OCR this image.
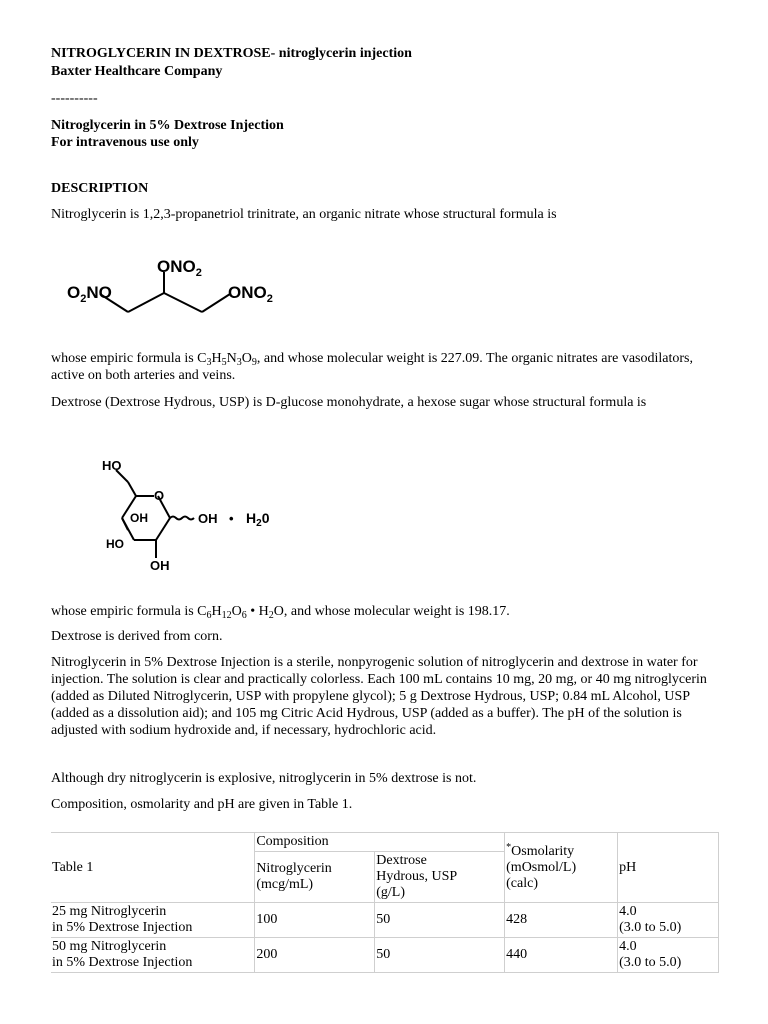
NITROGLYCERIN IN DEXTROSE- nitroglycerin injection
Baxter Healthcare Company
----------
Nitroglycerin in 5% Dextrose Injection
For intravenous use only
DESCRIPTION

Nitroglycerin is 1,2,3-propanetriol trinitrate, an organic nitrate whose structural formula is

$ONO_2$
$O_2NO$	$ONO_2$

whose empiric formula is $C_3H_5N_3O_9$, and whose molecular weight is 227.09. The organic nitrates are vasodilators, active on both arteries and veins.

Dextrose (Dextrose Hydrous, USP) is D-glucose monohydrate, a hexose sugar whose structural formula is

HO
O
OH	OH • $H_20$
HO
OH

whose empiric formula is $C_6H_{12}O_6$ • $H_2O$, and whose molecular weight is 198.17.

Dextrose is derived from corn.

Nitroglycerin in 5% Dextrose Injection is a sterile, nonpyrogenic solution of nitroglycerin and dextrose in water for injection. The solution is clear and practically colorless. Each 100 mL contains 10 mg, 20 mg, or 40 mg nitroglycerin (added as Diluted Nitroglycerin, USP with propylene glycol); 5 g Dextrose Hydrous, USP; 0.84 mL Alcohol, USP (added as a dissolution aid); and 105 mg Citric Acid Hydrous, USP (added as a buffer). The pH of the solution is adjusted with sodium hydroxide and, if necessary, hydrochloric acid.

Although dry nitroglycerin is explosive, nitroglycerin in 5% dextrose is not.

Composition, osmolarity and pH are given in Table 1.

Table 1	Composition		*Osmolarity
(mOsmol/L)
(calc)	pH
	Nitroglycerin
(mcg/mL)	Dextrose
Hydrous, USP
(g/L)		
25 mg Nitroglycerin
in 5% Dextrose Injection	100	50	428	4.0
(3.0 to 5.0)
50 mg Nitroglycerin
in 5% Dextrose Injection	200	50	440	4.0
(3.0 to 5.0)
